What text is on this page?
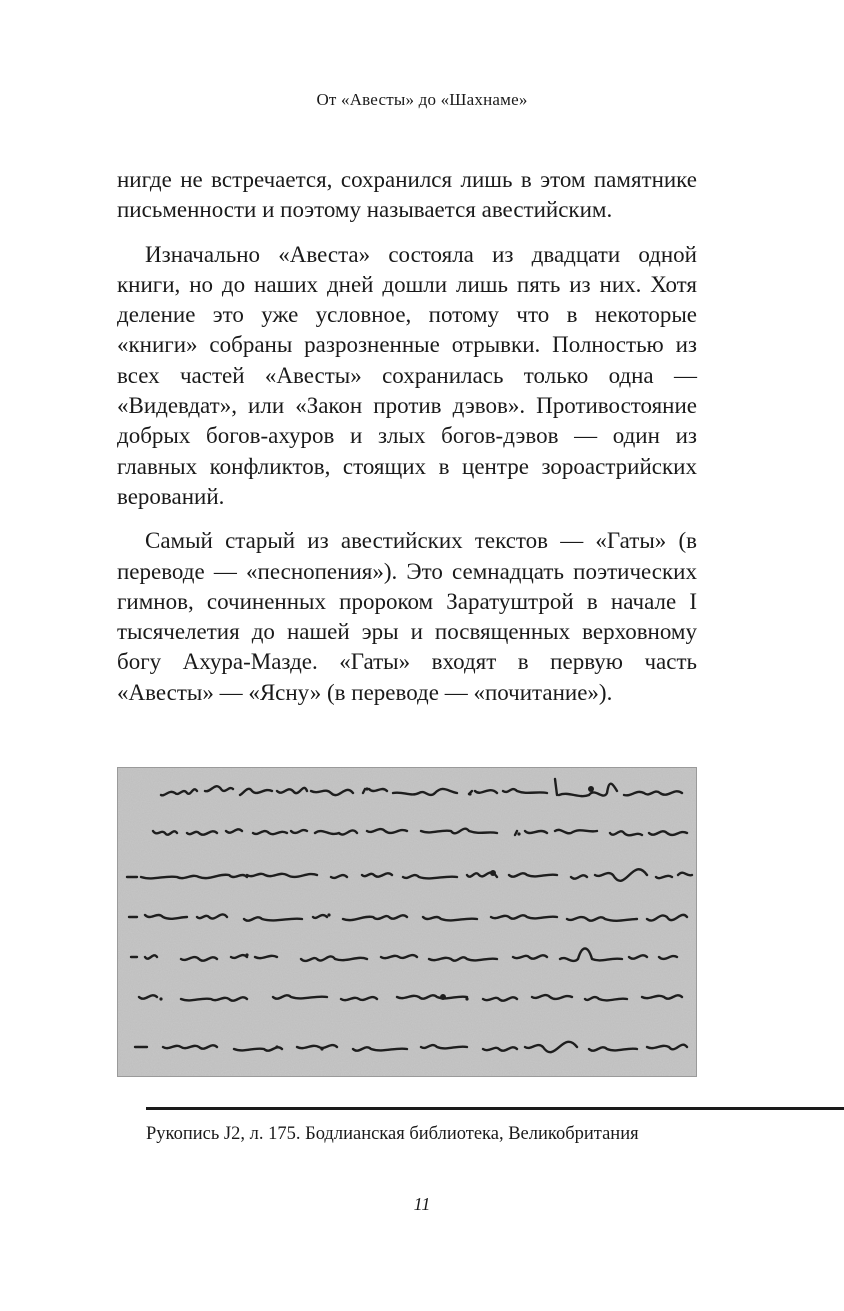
От «Авесты» до «Шахнаме»

нигде не встречается, сохранился лишь в этом памятнике письменности и поэтому называется авестийским.

Изначально «Авеста» состояла из двадцати одной книги, но до наших дней дошли лишь пять из них. Хотя деление это уже условное, потому что в некоторые «книги» собраны разрозненные отрывки. Полностью из всех частей «Авесты» сохранилась только одна — «Видевдат», или «Закон против дэвов». Противостояние добрых богов-ахуров и злых богов-дэвов — один из главных конфликтов, стоящих в центре зороастрийских верований.

Самый старый из авестийских текстов — «Гаты» (в переводе — «песнопения»). Это семнадцать поэтических гимнов, сочиненных пророком Заратуштрой в начале I тысячелетия до нашей эры и посвященных верховному богу Ахура-Мазде. «Гаты» входят в первую часть «Авесты» — «Ясну» (в переводе — «почитание»).

Рукопись J2, л. 175. Бодлианская библиотека, Великобритания
11
